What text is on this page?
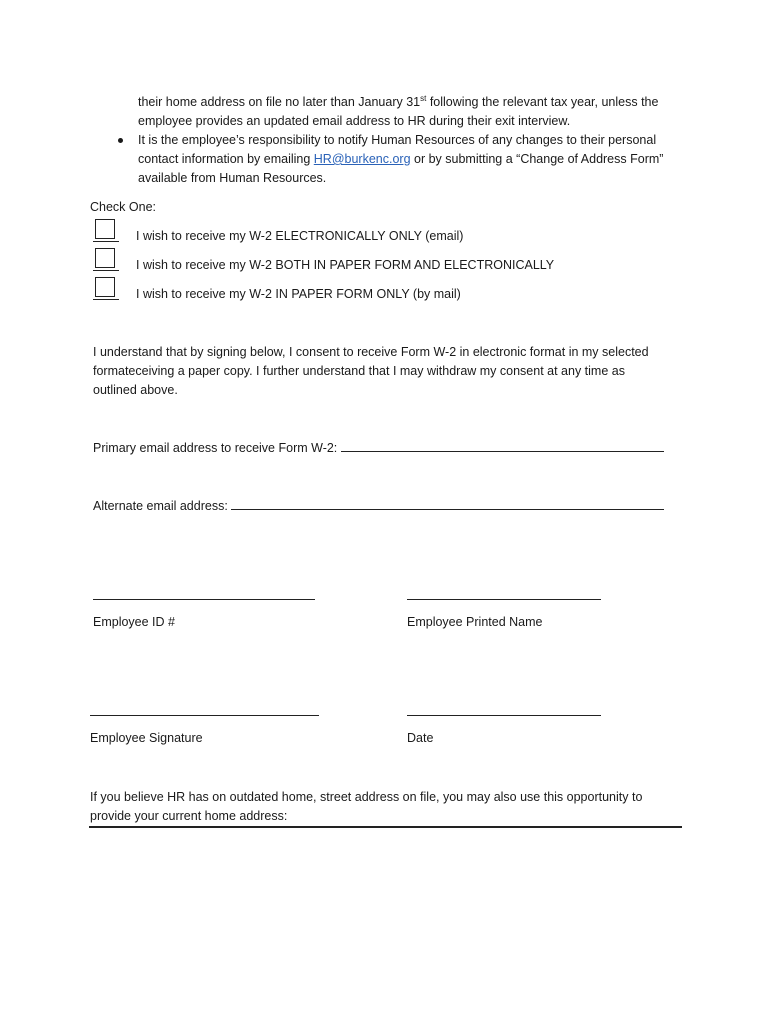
their home address on file no later than January 31st following the relevant tax year, unless the
employee provides an updated email address to HR during their exit interview.
It is the employee’s responsibility to notify Human Resources of any changes to their personal
contact information by emailing HR@burkenc.org or by submitting a “Change of Address Form”
available from Human Resources.
Check One:
I wish to receive my W-2 ELECTRONICALLY ONLY (email)
I wish to receive my W-2 BOTH IN PAPER FORM AND ELECTRONICALLY
I wish to receive my W-2 IN PAPER FORM ONLY (by mail)
I understand that by signing below, I consent to receive Form W-2 in electronic format in my selected
formateceiving a paper copy. I further understand that I may withdraw my consent at any time as
outlined above.
Primary email address to receive Form W-2:
Alternate email address:
Employee ID #	Employee Printed Name
Employee Signature	Date
If you believe HR has on outdated home, street address on file, you may also use this opportunity to
provide your current home address:
